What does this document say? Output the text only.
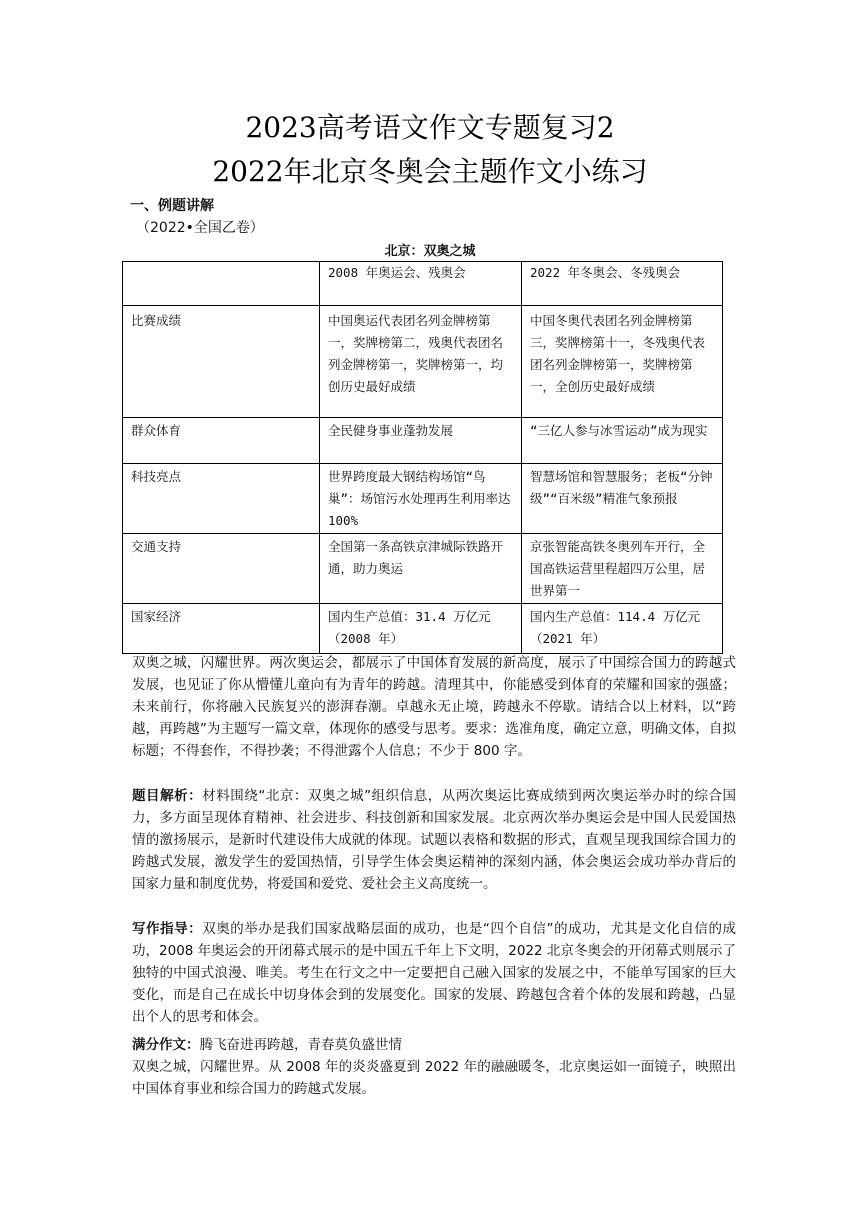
2023高考语文作文专题复习2
2022年北京冬奥会主题作文小练习
一、例题讲解
（2022•全国乙卷）
北京：双奥之城
	2008 年奥运会、残奥会	2022 年冬奥会、冬残奥会
比赛成绩	中国奥运代表团名列金牌榜第一，奖牌榜第二，残奥代表团名列金牌榜第一，奖牌榜第一，均创历史最好成绩	中国冬奥代表团名列金牌榜第三，奖牌榜第十一，冬残奥代表团名列金牌榜第一，奖牌榜第一，全创历史最好成绩
群众体育	全民健身事业蓬勃发展	“三亿人参与冰雪运动”成为现实
科技亮点	世界跨度最大钢结构场馆“鸟巢”：场馆污水处理再生利用率达 100%	智慧场馆和智慧服务；老板“分钟级”“百米级”精准气象预报
交通支持	全国第一条高铁京津城际铁路开通，助力奥运	京张智能高铁冬奥列车开行，全国高铁运营里程超四万公里，居世界第一
国家经济	国内生产总值：31.4 万亿元（2008 年）	国内生产总值：114.4 万亿元（2021 年）
双奥之城，闪耀世界。两次奥运会，都展示了中国体育发展的新高度，展示了中国综合国力的跨越式发展，也见证了你从懵懂儿童向有为青年的跨越。清理其中，你能感受到体育的荣耀和国家的强盛；未来前行，你将融入民族复兴的澎湃春潮。卓越永无止境，跨越永不停歇。请结合以上材料，以“跨越，再跨越”为主题写一篇文章，体现你的感受与思考。要求：选准角度，确定立意，明确文体，自拟标题；不得套作，不得抄袭；不得泄露个人信息；不少于 800 字。
题目解析：材料围绕“北京：双奥之城”组织信息，从两次奥运比赛成绩到两次奥运举办时的综合国力，多方面呈现体育精神、社会进步、科技创新和国家发展。北京两次举办奥运会是中国人民爱国热情的激扬展示，是新时代建设伟大成就的体现。试题以表格和数据的形式，直观呈现我国综合国力的跨越式发展，激发学生的爱国热情，引导学生体会奥运精神的深刻内涵，体会奥运会成功举办背后的国家力量和制度优势，将爱国和爱党、爱社会主义高度统一。
写作指导：双奥的举办是我们国家战略层面的成功，也是“四个自信”的成功，尤其是文化自信的成功，2008 年奥运会的开闭幕式展示的是中国五千年上下文明，2022 北京冬奥会的开闭幕式则展示了独特的中国式浪漫、唯美。考生在行文之中一定要把自己融入国家的发展之中，不能单写国家的巨大变化，而是自己在成长中切身体会到的发展变化。国家的发展、跨越包含着个体的发展和跨越，凸显出个人的思考和体会。
满分作文：腾飞奋进再跨越，青春莫负盛世情
双奥之城，闪耀世界。从 2008 年的炎炎盛夏到 2022 年的融融暖冬，北京奥运如一面镜子，映照出中国体育事业和综合国力的跨越式发展。
